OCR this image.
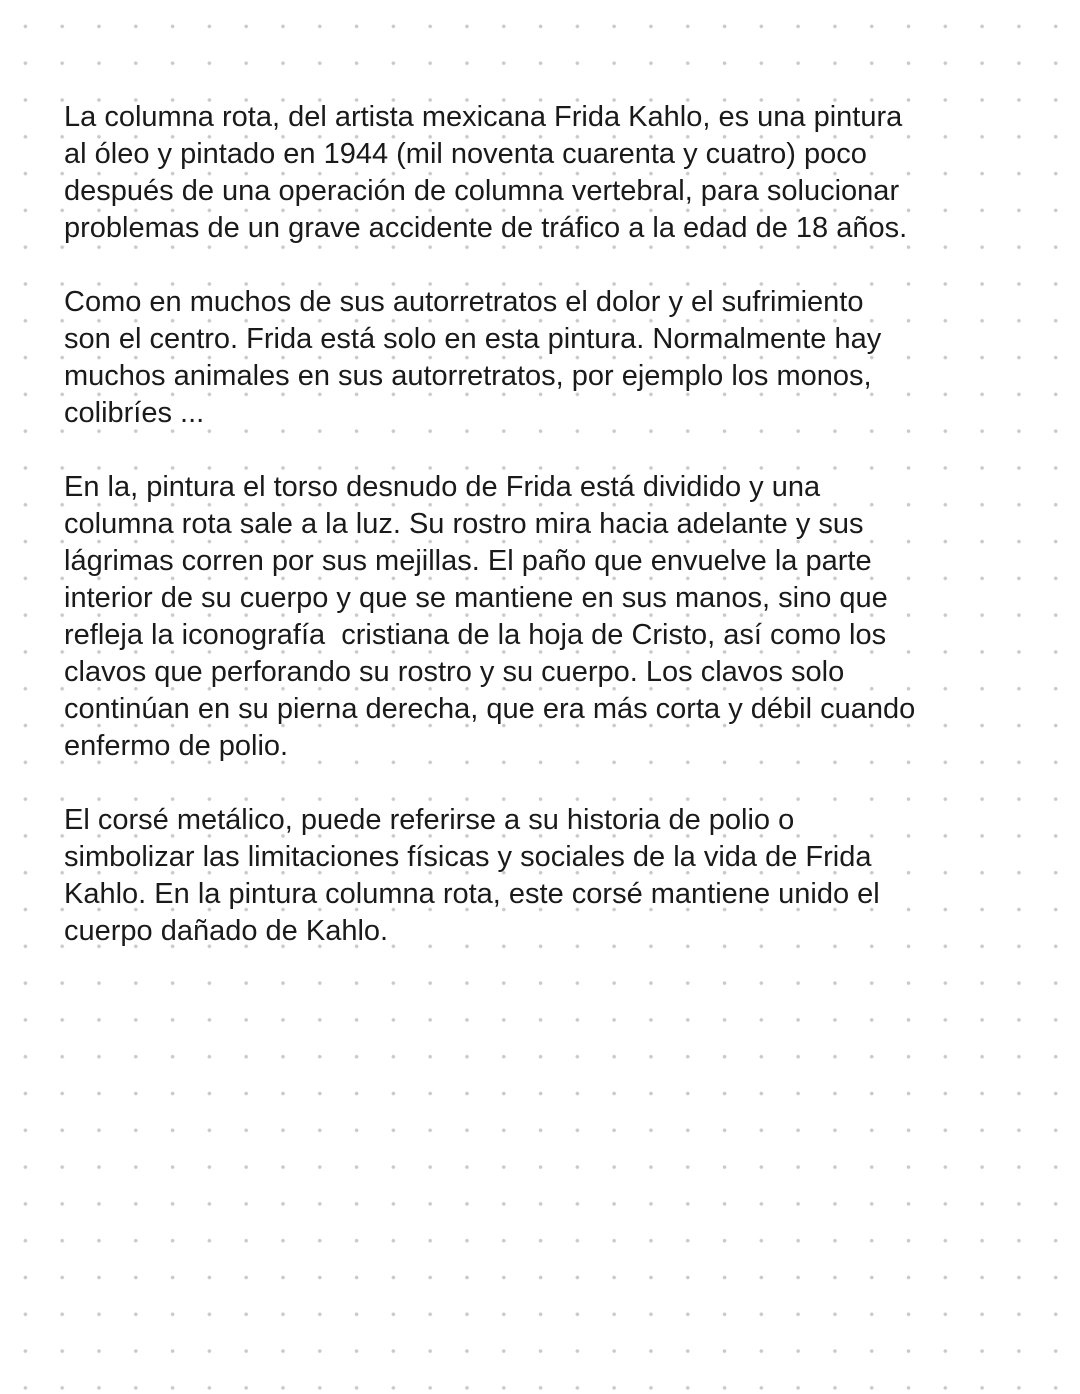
La columna rota, del artista mexicana Frida Kahlo, es una pintura
al óleo y pintado en 1944 (mil noventa cuarenta y cuatro) poco
después de una operación de columna vertebral, para solucionar
problemas de un grave accidente de tráfico a la edad de 18 años.

Como en muchos de sus autorretratos el dolor y el sufrimiento
son el centro. Frida está solo en esta pintura. Normalmente hay
muchos animales en sus autorretratos, por ejemplo los monos,
colibríes ...

En la, pintura el torso desnudo de Frida está dividido y una
columna rota sale a la luz. Su rostro mira hacia adelante y sus
lágrimas corren por sus mejillas. El paño que envuelve la parte
interior de su cuerpo y que se mantiene en sus manos, sino que
refleja la iconografía  cristiana de la hoja de Cristo, así como los
clavos que perforando su rostro y su cuerpo. Los clavos solo
continúan en su pierna derecha, que era más corta y débil cuando
enfermo de polio.

El corsé metálico, puede referirse a su historia de polio o
simbolizar las limitaciones físicas y sociales de la vida de Frida
Kahlo. En la pintura columna rota, este corsé mantiene unido el
cuerpo dañado de Kahlo.
